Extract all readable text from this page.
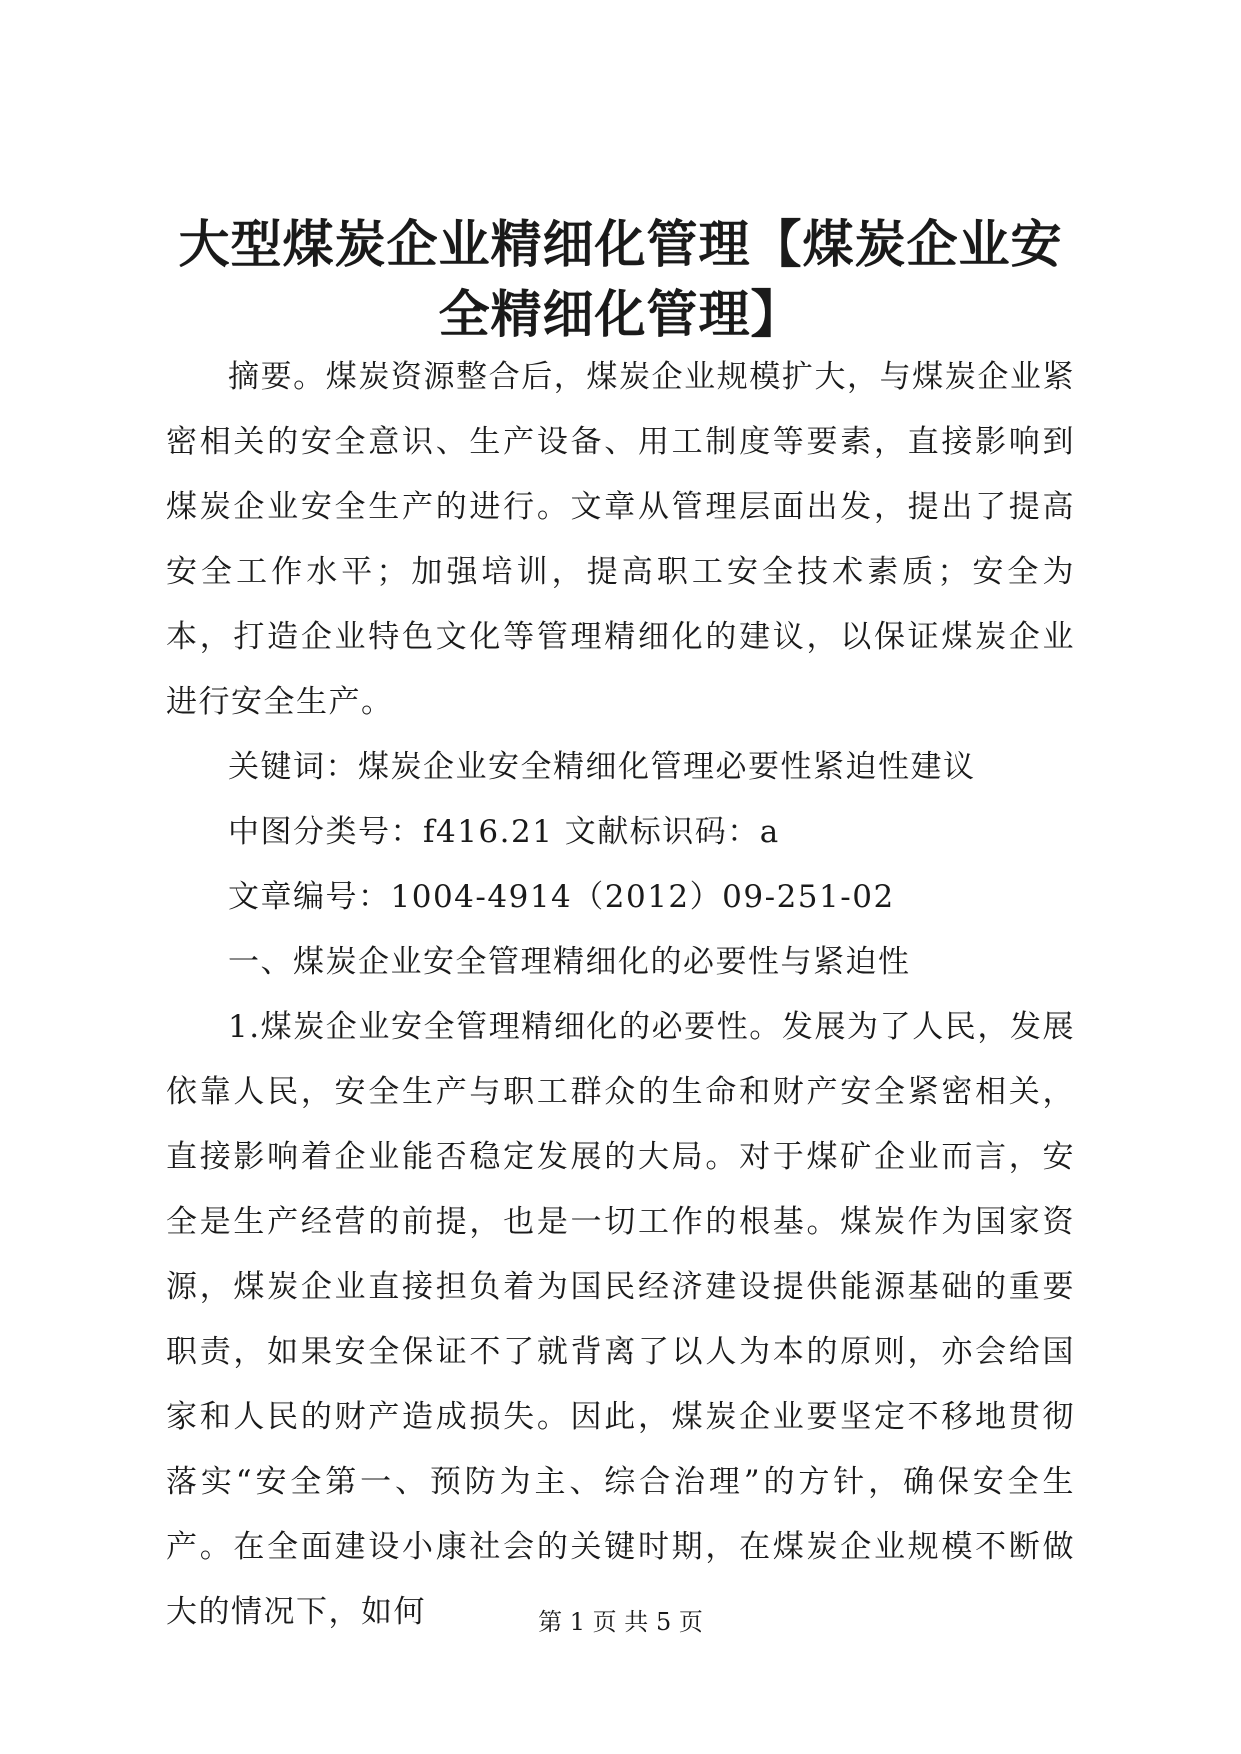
大型煤炭企业精细化管理【煤炭企业安全精细化管理】

摘要。煤炭资源整合后，煤炭企业规模扩大，与煤炭企业紧密相关的安全意识、生产设备、用工制度等要素，直接影响到煤炭企业安全生产的进行。文章从管理层面出发，提出了提高安全工作水平；加强培训，提高职工安全技术素质；安全为本，打造企业特色文化等管理精细化的建议，以保证煤炭企业进行安全生产。

关键词：煤炭企业安全精细化管理必要性紧迫性建议

中图分类号：f416.21 文献标识码：a

文章编号：1004-4914（2012）09-251-02

一、煤炭企业安全管理精细化的必要性与紧迫性

1.煤炭企业安全管理精细化的必要性。发展为了人民，发展依靠人民，安全生产与职工群众的生命和财产安全紧密相关，直接影响着企业能否稳定发展的大局。对于煤矿企业而言，安全是生产经营的前提，也是一切工作的根基。煤炭作为国家资源，煤炭企业直接担负着为国民经济建设提供能源基础的重要职责，如果安全保证不了就背离了以人为本的原则，亦会给国家和人民的财产造成损失。因此，煤炭企业要坚定不移地贯彻落实“安全第一、预防为主、综合治理”的方针，确保安全生产。在全面建设小康社会的关键时期，在煤炭企业规模不断做大的情况下，如何	第 1 页 共 5 页
